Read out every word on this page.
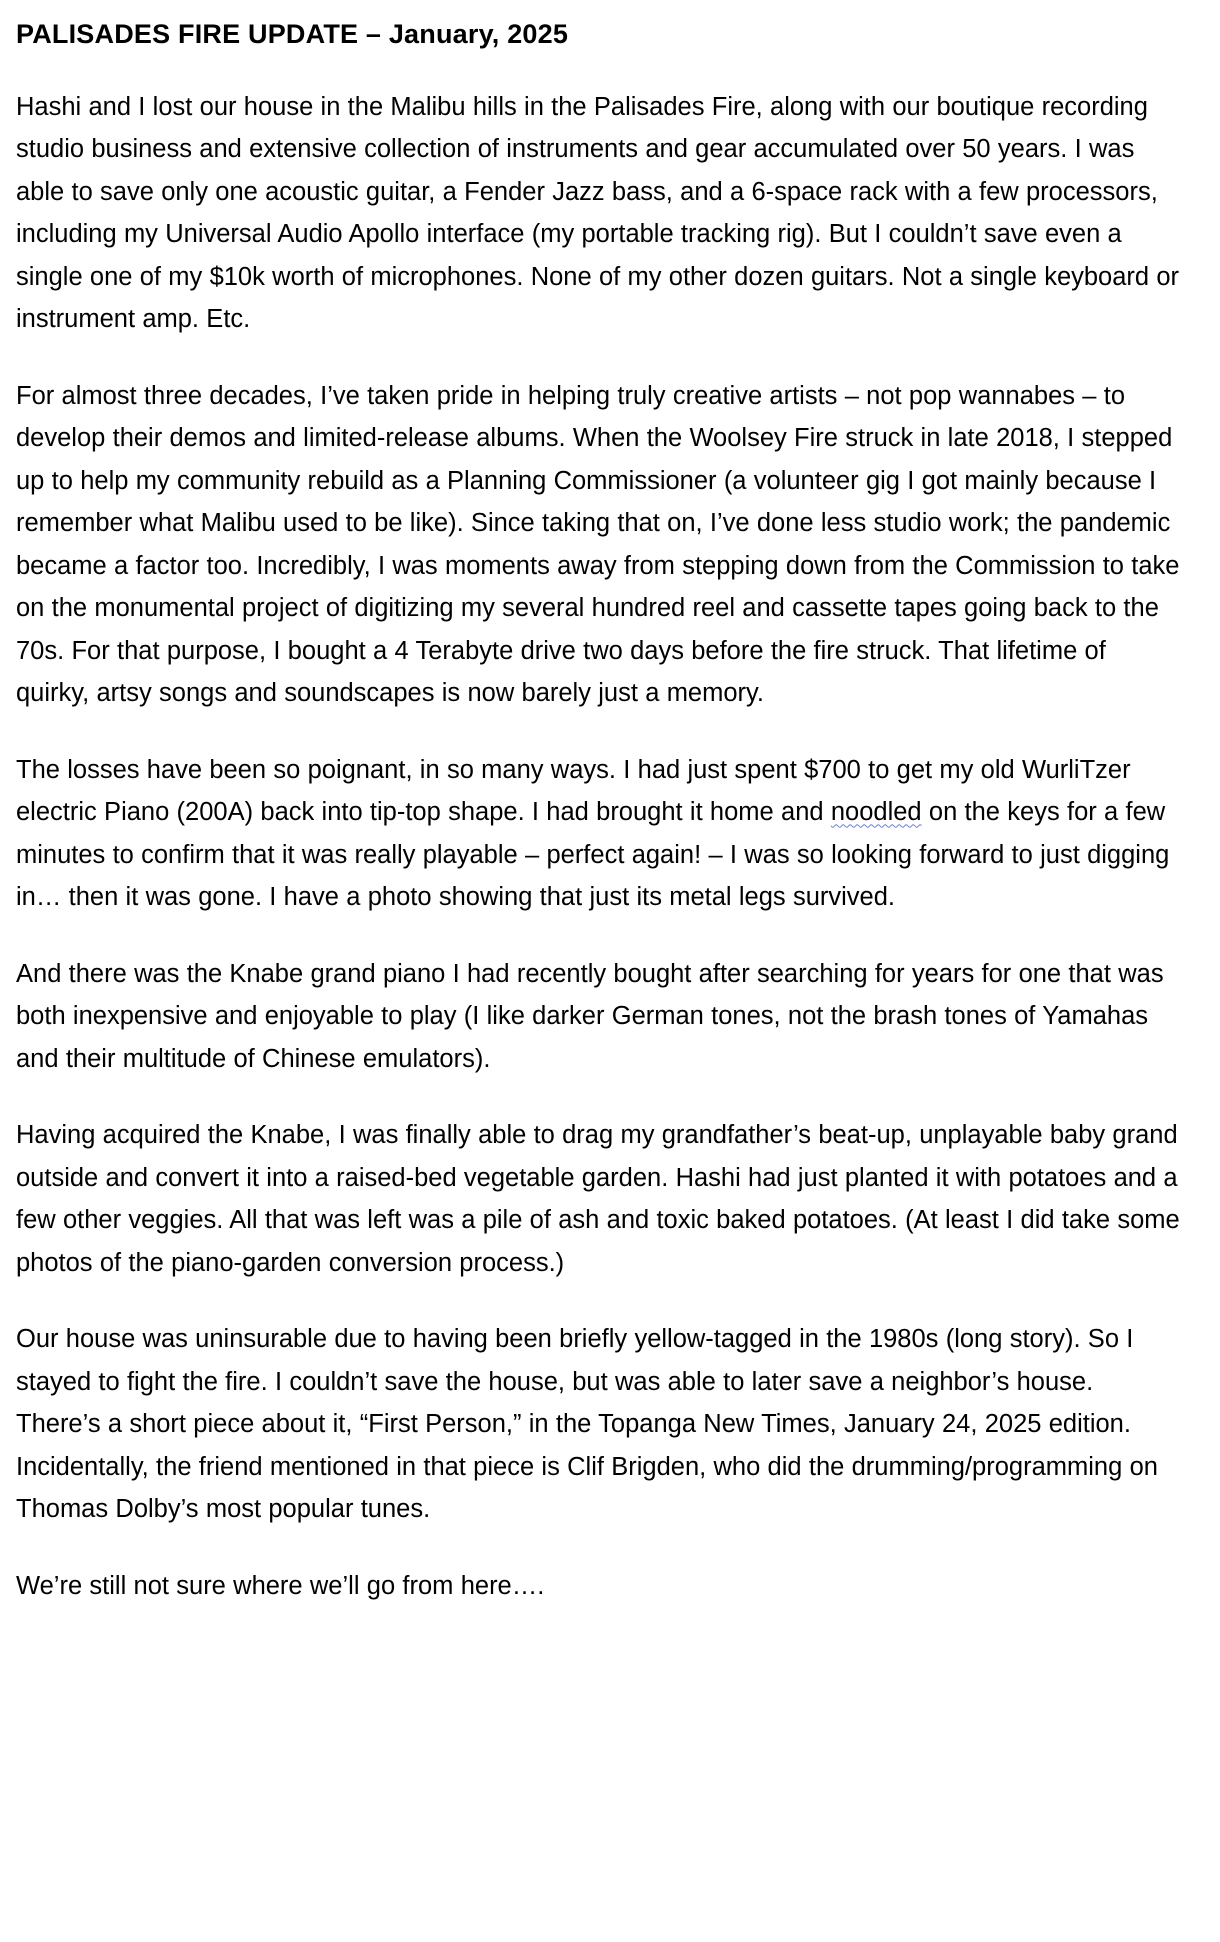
PALISADES FIRE UPDATE – January, 2025

Hashi and I lost our house in the Malibu hills in the Palisades Fire, along with our boutique recording studio business and extensive collection of instruments and gear accumulated over 50 years. I was able to save only one acoustic guitar, a Fender Jazz bass, and a 6-space rack with a few processors, including my Universal Audio Apollo interface (my portable tracking rig). But I couldn’t save even a single one of my $10k worth of microphones. None of my other dozen guitars. Not a single keyboard or instrument amp. Etc.

For almost three decades, I’ve taken pride in helping truly creative artists – not pop wannabes – to develop their demos and limited-release albums. When the Woolsey Fire struck in late 2018, I stepped up to help my community rebuild as a Planning Commissioner (a volunteer gig I got mainly because I remember what Malibu used to be like). Since taking that on, I’ve done less studio work; the pandemic became a factor too. Incredibly, I was moments away from stepping down from the Commission to take on the monumental project of digitizing my several hundred reel and cassette tapes going back to the 70s. For that purpose, I bought a 4 Terabyte drive two days before the fire struck. That lifetime of quirky, artsy songs and soundscapes is now barely just a memory.

The losses have been so poignant, in so many ways. I had just spent $700 to get my old WurliTzer electric Piano (200A) back into tip-top shape. I had brought it home and noodled on the keys for a few minutes to confirm that it was really playable – perfect again! – I was so looking forward to just digging in… then it was gone. I have a photo showing that just its metal legs survived.

And there was the Knabe grand piano I had recently bought after searching for years for one that was both inexpensive and enjoyable to play (I like darker German tones, not the brash tones of Yamahas and their multitude of Chinese emulators).

Having acquired the Knabe, I was finally able to drag my grandfather’s beat-up, unplayable baby grand outside and convert it into a raised-bed vegetable garden. Hashi had just planted it with potatoes and a few other veggies. All that was left was a pile of ash and toxic baked potatoes. (At least I did take some photos of the piano-garden conversion process.)

Our house was uninsurable due to having been briefly yellow-tagged in the 1980s (long story). So I stayed to fight the fire. I couldn’t save the house, but was able to later save a neighbor’s house. There’s a short piece about it, “First Person,” in the Topanga New Times, January 24, 2025 edition. Incidentally, the friend mentioned in that piece is Clif Brigden, who did the drumming/programming on Thomas Dolby’s most popular tunes.

We’re still not sure where we’ll go from here….
